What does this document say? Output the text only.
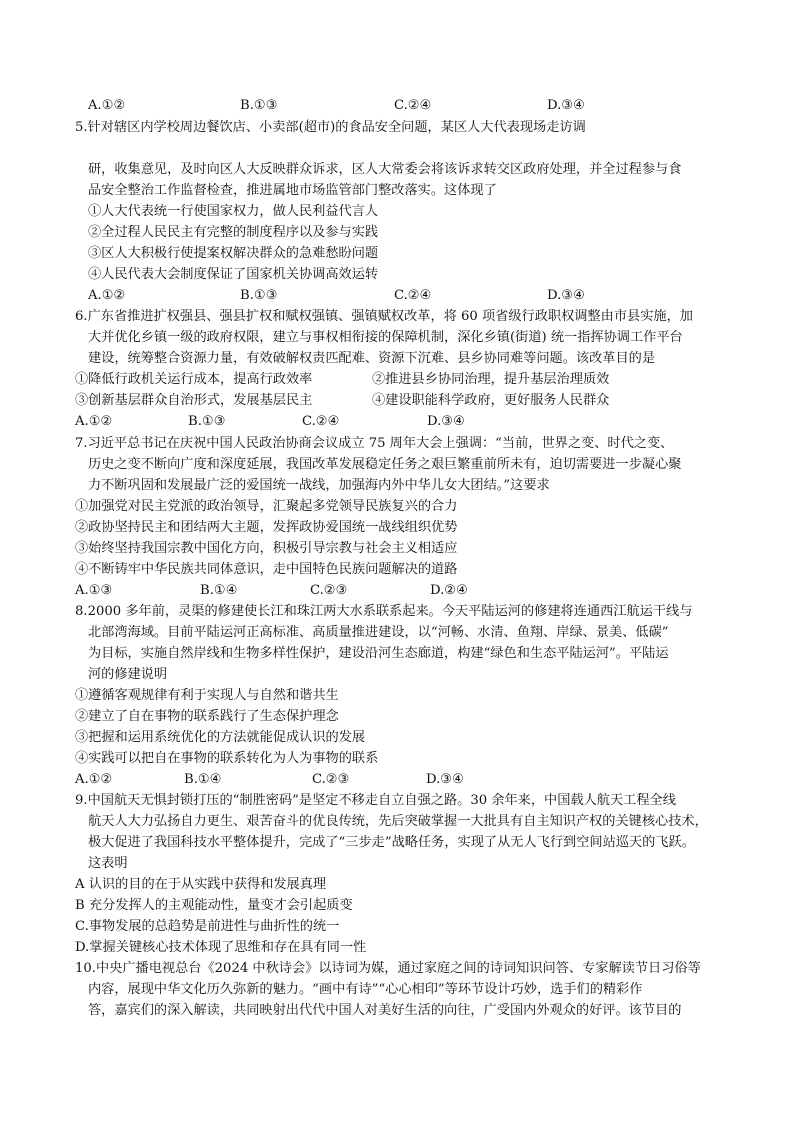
A.①②	B.①③	C.②④	D.③④
5.针对辖区内学校周边餐饮店、小卖部(超市)的食品安全问题，某区人大代表现场走访调
研，收集意见，及时向区人大反映群众诉求，区人大常委会将该诉求转交区政府处理，并全过程参与食
品安全整治工作监督检查，推进属地市场监管部门整改落实。这体现了
①人大代表统一行使国家权力，做人民利益代言人
②全过程人民民主有完整的制度程序以及参与实践
③区人大积极行使提案权解决群众的急难愁盼问题
④人民代表大会制度保证了国家机关协调高效运转
A.①②	B.①③	C.②④	D.③④
6.广东省推进扩权强县、强县扩权和赋权强镇、强镇赋权改革，将 60 项省级行政职权调整由市县实施，加
大并优化乡镇一级的政府权限，建立与事权相衔接的保障机制，深化乡镇(街道) 统一指挥协调工作平台
建设，统筹整合资源力量，有效破解权责匹配难、资源下沉难、县乡协同难等问题。该改革目的是
①降低行政机关运行成本，提高行政效率	②推进县乡协同治理，提升基层治理质效
③创新基层群众自治形式，发展基层民主	④建设职能科学政府，更好服务人民群众
A.①②	B.①③	C.②④	D.③④
7.习近平总书记在庆祝中国人民政治协商会议成立 75 周年大会上强调：“当前，世界之变、时代之变、
历史之变不断向广度和深度延展，我国改革发展稳定任务之艰巨繁重前所未有，迫切需要进一步凝心聚
力不断巩固和发展最广泛的爱国统一战线，加强海内外中华儿女大团结。”这要求
①加强党对民主党派的政治领导，汇聚起多党领导民族复兴的合力
②政协坚持民主和团结两大主题，发挥政协爱国统一战线组织优势
③始终坚持我国宗教中国化方向，积极引导宗教与社会主义相适应
④不断铸牢中华民族共同体意识，走中国特色民族问题解决的道路
A.①③	B.①④	C.②③	D.②④
8.2000 多年前，灵渠的修建使长江和珠江两大水系联系起来。今天平陆运河的修建将连通西江航运干线与
北部湾海域。目前平陆运河正高标准、高质量推进建设，以“河畅、水清、鱼翔、岸绿、景美、低碳”
为目标，实施自然岸线和生物多样性保护，建设沿河生态廊道，构建“绿色和生态平陆运河”。平陆运
河的修建说明
①遵循客观规律有利于实现人与自然和谐共生
②建立了自在事物的联系践行了生态保护理念
③把握和运用系统优化的方法就能促成认识的发展
④实践可以把自在事物的联系转化为人为事物的联系
A.①②	B.①④	C.②③	D.③④
9.中国航天无惧封锁打压的“制胜密码”是坚定不移走自立自强之路。30 余年来，中国载人航天工程全线
航天人大力弘扬自力更生、艰苦奋斗的优良传统，先后突破掌握一大批具有自主知识产权的关键核心技术，
极大促进了我国科技水平整体提升，完成了“三步走”战略任务，实现了从无人飞行到空间站巡天的飞跃。
这表明
A 认识的目的在于从实践中获得和发展真理
B 充分发挥人的主观能动性，量变才会引起质变
C.事物发展的总趋势是前进性与曲折性的统一
D.掌握关键核心技术体现了思维和存在具有同一性
10.中央广播电视总台《2024 中秋诗会》以诗词为媒，通过家庭之间的诗词知识问答、专家解读节日习俗等
内容，展现中华文化历久弥新的魅力。“画中有诗”“心心相印”等环节设计巧妙，选手们的精彩作
答，嘉宾们的深入解读，共同映射出代代中国人对美好生活的向往，广受国内外观众的好评。该节目的
